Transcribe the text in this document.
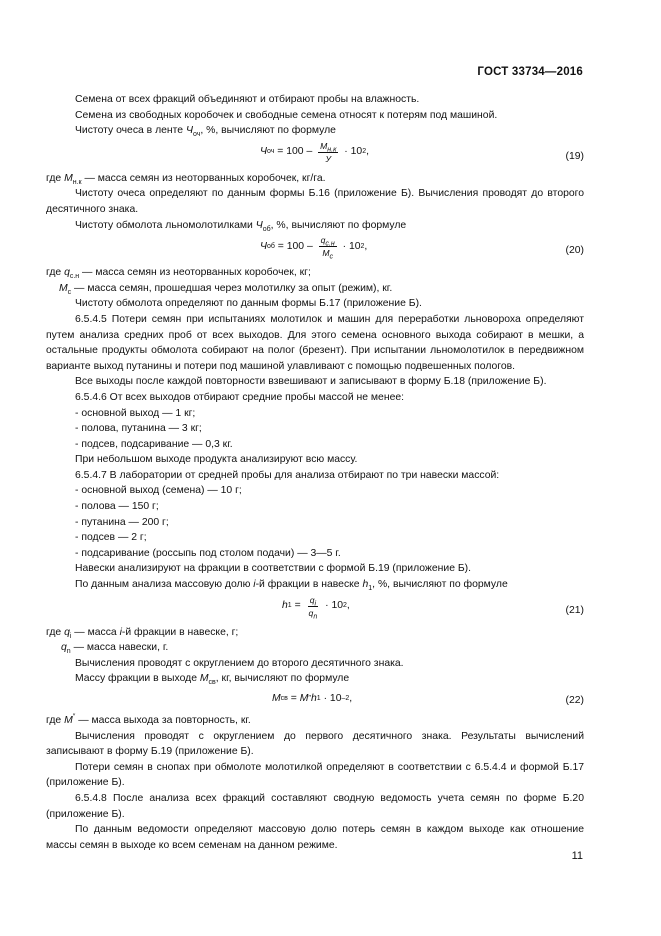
ГОСТ 33734—2016

Семена от всех фракций объединяют и отбирают пробы на влажность.

Семена из свободных коробочек и свободные семена относят к потерям под машиной.

Чистоту очеса в ленте $Ч_{оч}$, %, вычисляют по формуле

Ч оч = $100 - \frac{М_{н.к}}{У} \cdot 10$ 2 ,	(19)

где $М_{н.к}$ — масса семян из неоторванных коробочек, кг/га.

Чистоту очеса определяют по данным формы Б.16 (приложение Б). Вычисления проводят до второго десятичного знака.

Чистоту обмолота льномолотилками $Ч_{об}$, %, вычисляют по формуле

Ч об = $100 - \frac{q_{с.н}}{М_с} \cdot 10$ 2 ,	(20)

где $q_{с.н}$ — масса семян из неоторванных коробочек, кг;

$М_с$ — масса семян, прошедшая через молотилку за опыт (режим), кг.

Чистоту обмолота определяют по данным формы Б.17 (приложение Б).

6.5.4.5 Потери семян при испытаниях молотилок и машин для переработки льновороха определяют путем анализа средних проб от всех выходов. Для этого семена основного выхода собирают в мешки, а остальные продукты обмолота собирают на полог (брезент). При испытании льномолотилок в передвижном варианте выход путанины и потери под машиной улавливают с помощью подвешенных пологов.

Все выходы после каждой повторности взвешивают и записывают в форму Б.18 (приложение Б).

6.5.4.6 От всех выходов отбирают средние пробы массой не менее:

- основной выход — 1 кг;

- полова, путанина — 3 кг;

- подсев, подсаривание — 0,3 кг.

При небольшом выходе продукта анализируют всю массу.

6.5.4.7 В лаборатории от средней пробы для анализа отбирают по три навески массой:

- основной выход (семена) — 10 г;

- полова — 150 г;

- путанина — 200 г;

- подсев — 2 г;

- подсаривание (россыпь под столом подачи) — 3—5 г.

Навески анализируют на фракции в соответствии с формой Б.19 (приложение Б).

По данным анализа массовую долю i-й фракции в навеске $h_1$, %, вычисляют по формуле

h $1 = \frac{q_i}{q_n} \cdot 10$ 2 ,	(21)

где $q_i$ — масса i-й фракции в навеске, г;

$q_n$ — масса навески, г.

Вычисления проводят с округлением до второго десятичного знака.

Массу фракции в выходе $М_{св}$, кг, вычисляют по формуле

М св = М ′′ h 1 · 10 –2 ,	(22)

где М′′ — масса выхода за повторность, кг.

Вычисления проводят с округлением до первого десятичного знака. Результаты вычислений записывают в форму Б.19 (приложение Б).

Потери семян в снопах при обмолоте молотилкой определяют в соответствии с 6.5.4.4 и формой Б.17 (приложение Б).

6.5.4.8 После анализа всех фракций составляют сводную ведомость учета семян по форме Б.20 (приложение Б).

По данным ведомости определяют массовую долю потерь семян в каждом выходе как отношение массы семян в выходе ко всем семенам на данном режиме.

11
